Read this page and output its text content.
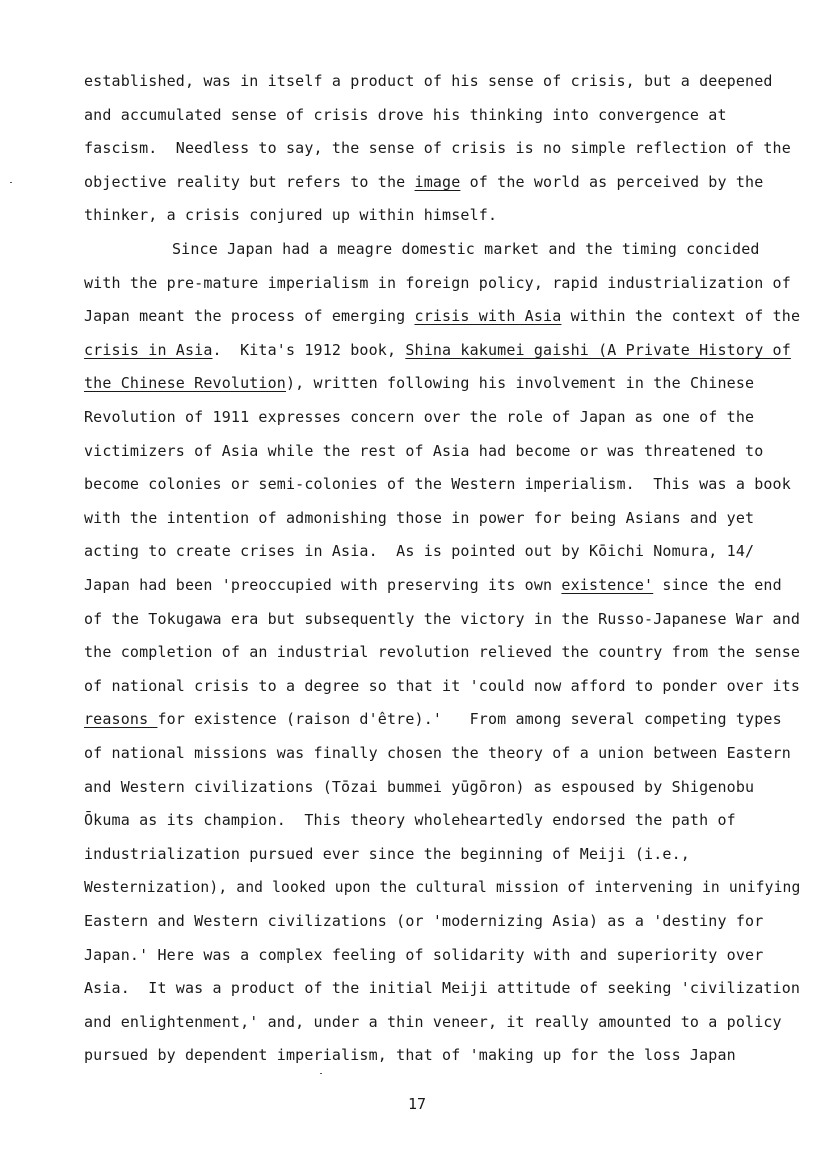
established, was in itself a product of his sense of crisis, but a deepened
and accumulated sense of crisis drove his thinking into convergence at
fascism.  Needless to say, the sense of crisis is no simple reflection of the
objective reality but refers to the image of the world as perceived by the
thinker, a crisis conjured up within himself.
Since Japan had a meagre domestic market and the timing concided
with the pre-mature imperialism in foreign policy, rapid industrialization of
Japan meant the process of emerging crisis with Asia within the context of the
crisis in Asia.  Kita's 1912 book, Shina kakumei gaishi (A Private History of
the Chinese Revolution), written following his involvement in the Chinese
Revolution of 1911 expresses concern over the role of Japan as one of the
victimizers of Asia while the rest of Asia had become or was threatened to
become colonies or semi-colonies of the Western imperialism.  This was a book
with the intention of admonishing those in power for being Asians and yet
acting to create crises in Asia.  As is pointed out by Kōichi Nomura, 14/
Japan had been 'preoccupied with preserving its own existence' since the end
of the Tokugawa era but subsequently the victory in the Russo-Japanese War and
the completion of an industrial revolution relieved the country from the sense
of national crisis to a degree so that it 'could now afford to ponder over its
reasons for existence (raison d'être).'   From among several competing types
of national missions was finally chosen the theory of a union between Eastern
and Western civilizations (Tōzai bummei yūgōron) as espoused by Shigenobu
Ōkuma as its champion.  This theory wholeheartedly endorsed the path of
industrialization pursued ever since the beginning of Meiji (i.e.,
Westernization), and looked upon the cultural mission of intervening in unifying
Eastern and Western civilizations (or 'modernizing Asia) as a 'destiny for
Japan.' Here was a complex feeling of solidarity with and superiority over
Asia.  It was a product of the initial Meiji attitude of seeking 'civilization
and enlightenment,' and, under a thin veneer, it really amounted to a policy
pursued by dependent imperialism, that of 'making up for the loss Japan
17
